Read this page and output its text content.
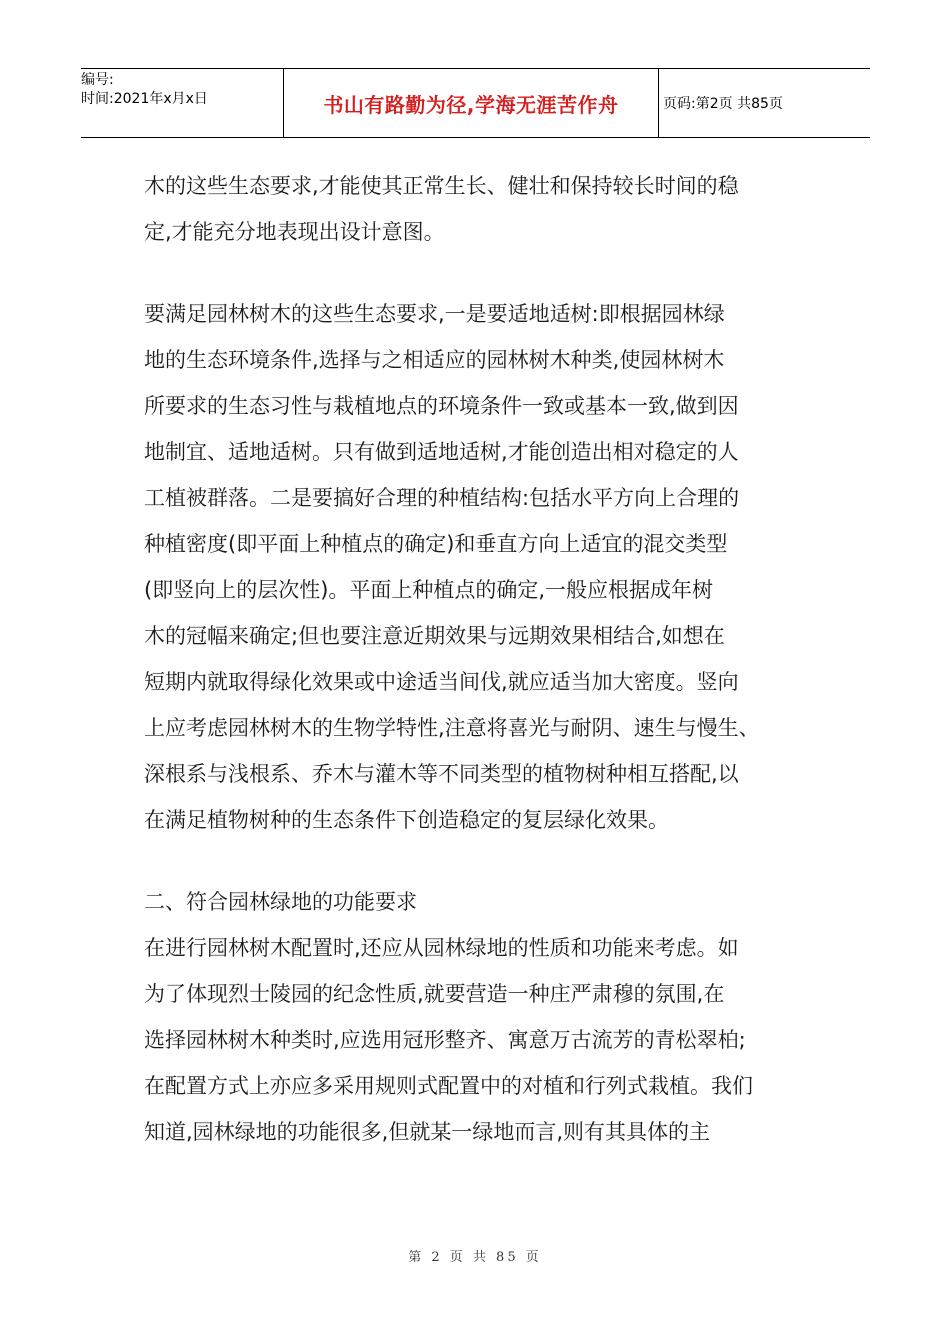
编号:
时间:2021年x月x日	书山有路勤为径,学海无涯苦作舟	页码:第2页 共85页
木的这些生态要求,才能使其正常生长、健壮和保持较长时间的稳
定,才能充分地表现出设计意图。
要满足园林树木的这些生态要求,一是要适地适树:即根据园林绿
地的生态环境条件,选择与之相适应的园林树木种类,使园林树木
所要求的生态习性与栽植地点的环境条件一致或基本一致,做到因
地制宜、适地适树。只有做到适地适树,才能创造出相对稳定的人
工植被群落。二是要搞好合理的种植结构:包括水平方向上合理的
种植密度(即平面上种植点的确定)和垂直方向上适宜的混交类型
(即竖向上的层次性)。平面上种植点的确定,一般应根据成年树
木的冠幅来确定;但也要注意近期效果与远期效果相结合,如想在
短期内就取得绿化效果或中途适当间伐,就应适当加大密度。竖向
上应考虑园林树木的生物学特性,注意将喜光与耐阴、速生与慢生、
深根系与浅根系、乔木与灌木等不同类型的植物树种相互搭配,以
在满足植物树种的生态条件下创造稳定的复层绿化效果。
二、符合园林绿地的功能要求
在进行园林树木配置时,还应从园林绿地的性质和功能来考虑。如
为了体现烈士陵园的纪念性质,就要营造一种庄严肃穆的氛围,在
选择园林树木种类时,应选用冠形整齐、寓意万古流芳的青松翠柏;
在配置方式上亦应多采用规则式配置中的对植和行列式栽植。我们
知道,园林绿地的功能很多,但就某一绿地而言,则有其具体的主
第 2 页 共 85 页
